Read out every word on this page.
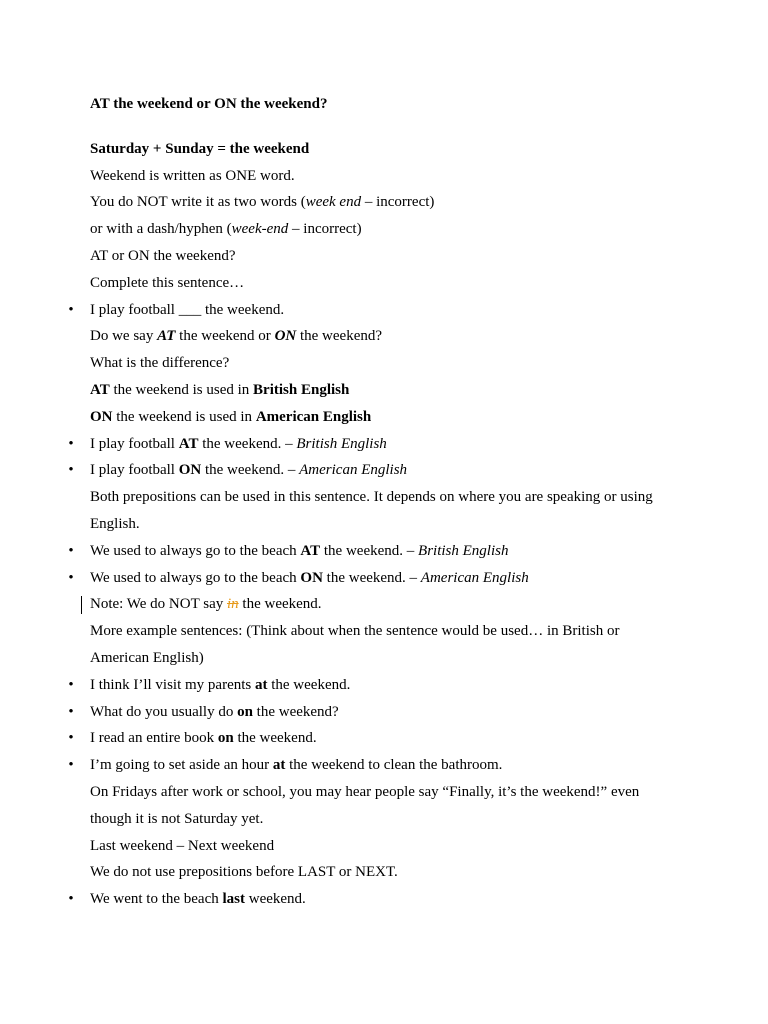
AT the weekend or ON the weekend?

Saturday + Sunday = the weekend

Weekend is written as ONE word.

You do NOT write it as two words (week end – incorrect)

or with a dash/hyphen (week-end – incorrect)

AT or ON the weekend?

Complete this sentence…

• I play football ___ the weekend.

Do we say AT the weekend or ON the weekend?

What is the difference?

AT the weekend is used in British English

ON the weekend is used in American English

• I play football AT the weekend. – British English

• I play football ON the weekend. – American English

Both prepositions can be used in this sentence. It depends on where you are speaking or using English.

• We used to always go to the beach AT the weekend. – British English

• We used to always go to the beach ON the weekend. – American English

Note: We do NOT say in the weekend.

More example sentences: (Think about when the sentence would be used… in British or American English)

• I think I’ll visit my parents at the weekend.

• What do you usually do on the weekend?

• I read an entire book on the weekend.

• I’m going to set aside an hour at the weekend to clean the bathroom.

On Fridays after work or school, you may hear people say “Finally, it’s the weekend!” even though it is not Saturday yet.

Last weekend – Next weekend

We do not use prepositions before LAST or NEXT.

• We went to the beach last weekend.
